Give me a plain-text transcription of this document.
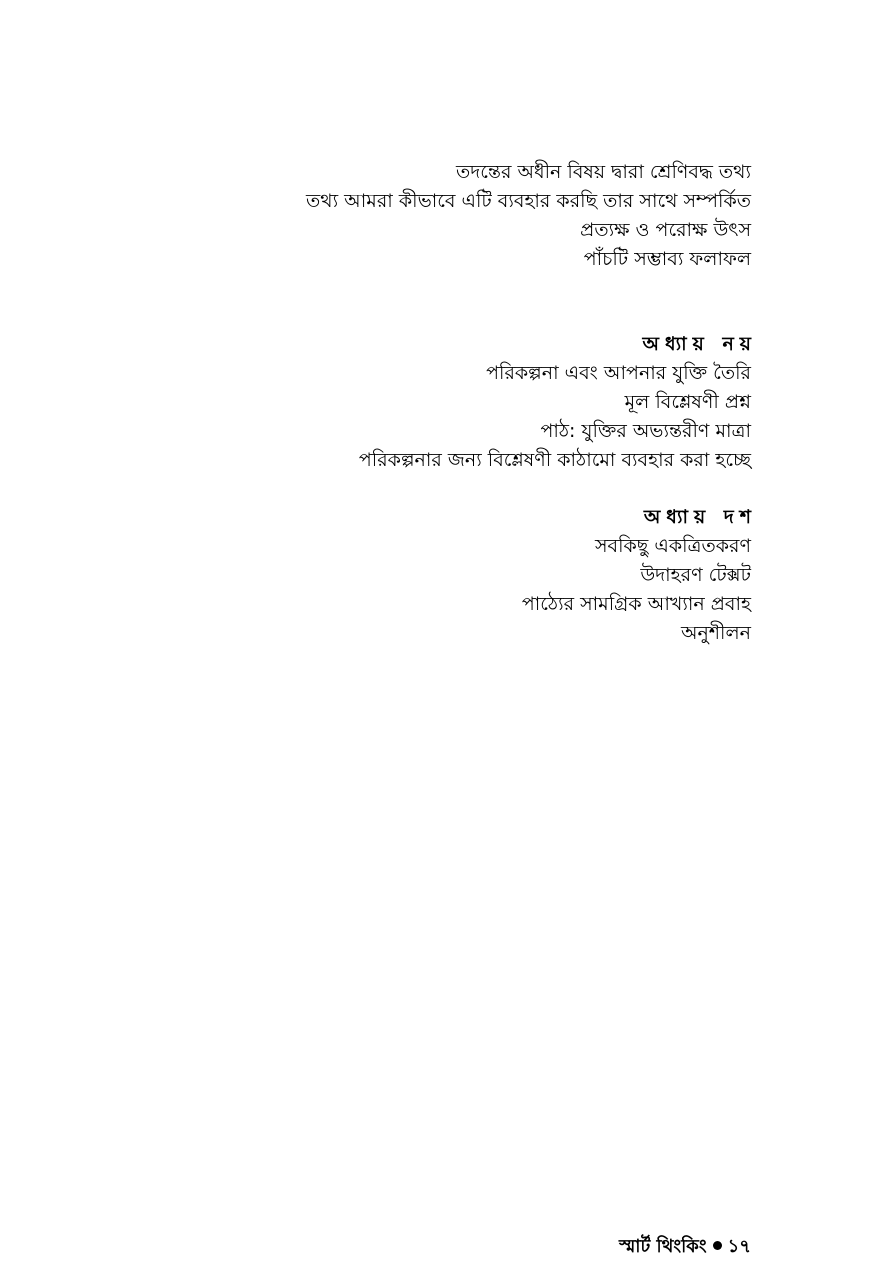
তদন্তের অধীন বিষয় দ্বারা শ্রেণিবদ্ধ তথ্য
তথ্য আমরা কীভাবে এটি ব্যবহার করছি তার সাথে সম্পর্কিত
প্রত্যক্ষ ও পরোক্ষ উৎস
পাঁচটি সম্ভাব্য ফলাফল
অধ্যায় নয়
পরিকল্পনা এবং আপনার যুক্তি তৈরি
মূল বিশ্লেষণী প্রশ্ন
পাঠ: যুক্তির অভ্যন্তরীণ মাত্রা
পরিকল্পনার জন্য বিশ্লেষণী কাঠামো ব্যবহার করা হচ্ছে
অধ্যায় দশ
সবকিছু একত্রিতকরণ
উদাহরণ টেক্সট
পাঠ্যের সামগ্রিক আখ্যান প্রবাহ
অনুশীলন
স্মার্ট থিংকিং ১৭
